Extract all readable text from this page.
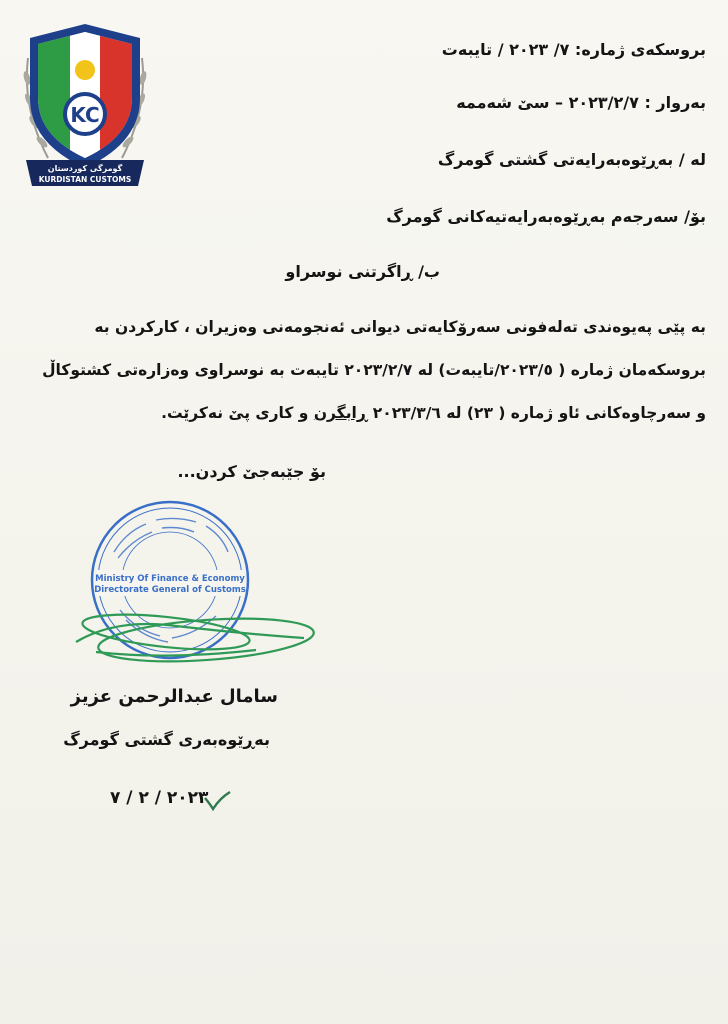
KC
گومرگی کوردستان
KURDISTAN CUSTOMS
بروسکەی ژمارە: ٧/ ٢٠٢٣ / تایبەت
بەروار : ٢٠٢٣/٢/٧ – سێ شەممە
لە / بەڕێوەبەرایەتی گشتی گومرگ
بۆ/ سەرجەم بەڕێوەبەرایەتیەکانی گومرگ
ب/ ڕاگرتنی نوسراو
بە پێی پەیوەندی تەلەفونی سەرۆکایەتی دیوانی ئەنجومەنی وەزیران ، کارکردن بە
بروسکەمان ژمارە ( ٢٠٢٣/٥/تایبەت) لە ٢٠٢٣/٢/٧ تایبەت بە نوسراوی وەزارەتی کشتوکاڵ
و سەرچاوەکانی ئاو ژمارە ( ٢٣) لە ٢٠٢٣/٣/٦ ڕابگرن و کاری پێ نەکرێت.
بۆ جێبەجێ کردن...
Ministry Of Finance & Economy
Directorate General of Customs
سامال عبدالرحمن عزیز
بەڕێوەبەری گشتی گومرگ
٢٠٢٣ / ٢ / ٧
